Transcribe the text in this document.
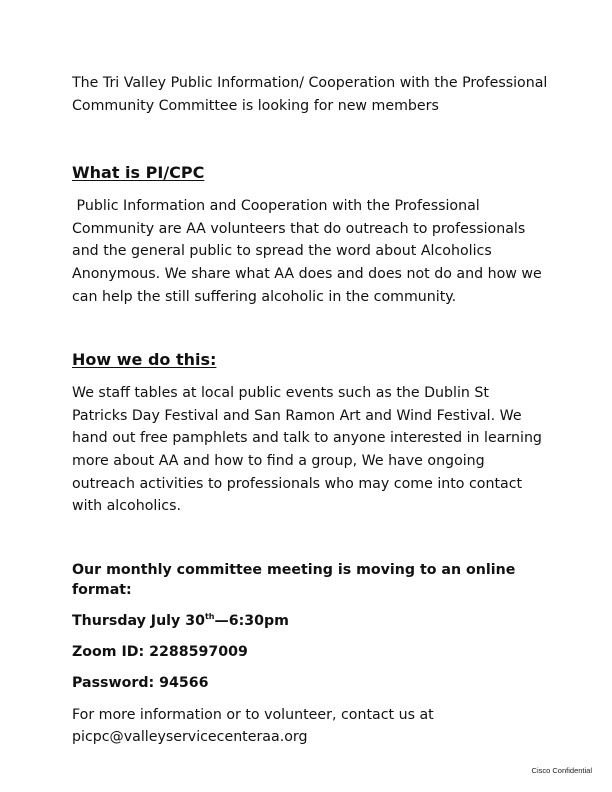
The Tri Valley Public Information/ Cooperation with the Professional Community Committee is looking for new members

What is PI/CPC

Public Information and Cooperation with the Professional Community are AA volunteers that do outreach to professionals and the general public to spread the word about Alcoholics Anonymous. We share what AA does and does not do and how we can help the still suffering alcoholic in the community.

How we do this:

We staff tables at local public events such as the Dublin St Patricks Day Festival and San Ramon Art and Wind Festival. We hand out free pamphlets and talk to anyone interested in learning more about AA and how to find a group, We have ongoing outreach activities to professionals who may come into contact with alcoholics.

Our monthly committee meeting is moving to an online format:

Thursday July 30th—6:30pm

Zoom ID: 2288597009

Password: 94566

For more information or to volunteer, contact us at

picpc@valleyservicecenteraa.org

Cisco Confidential
